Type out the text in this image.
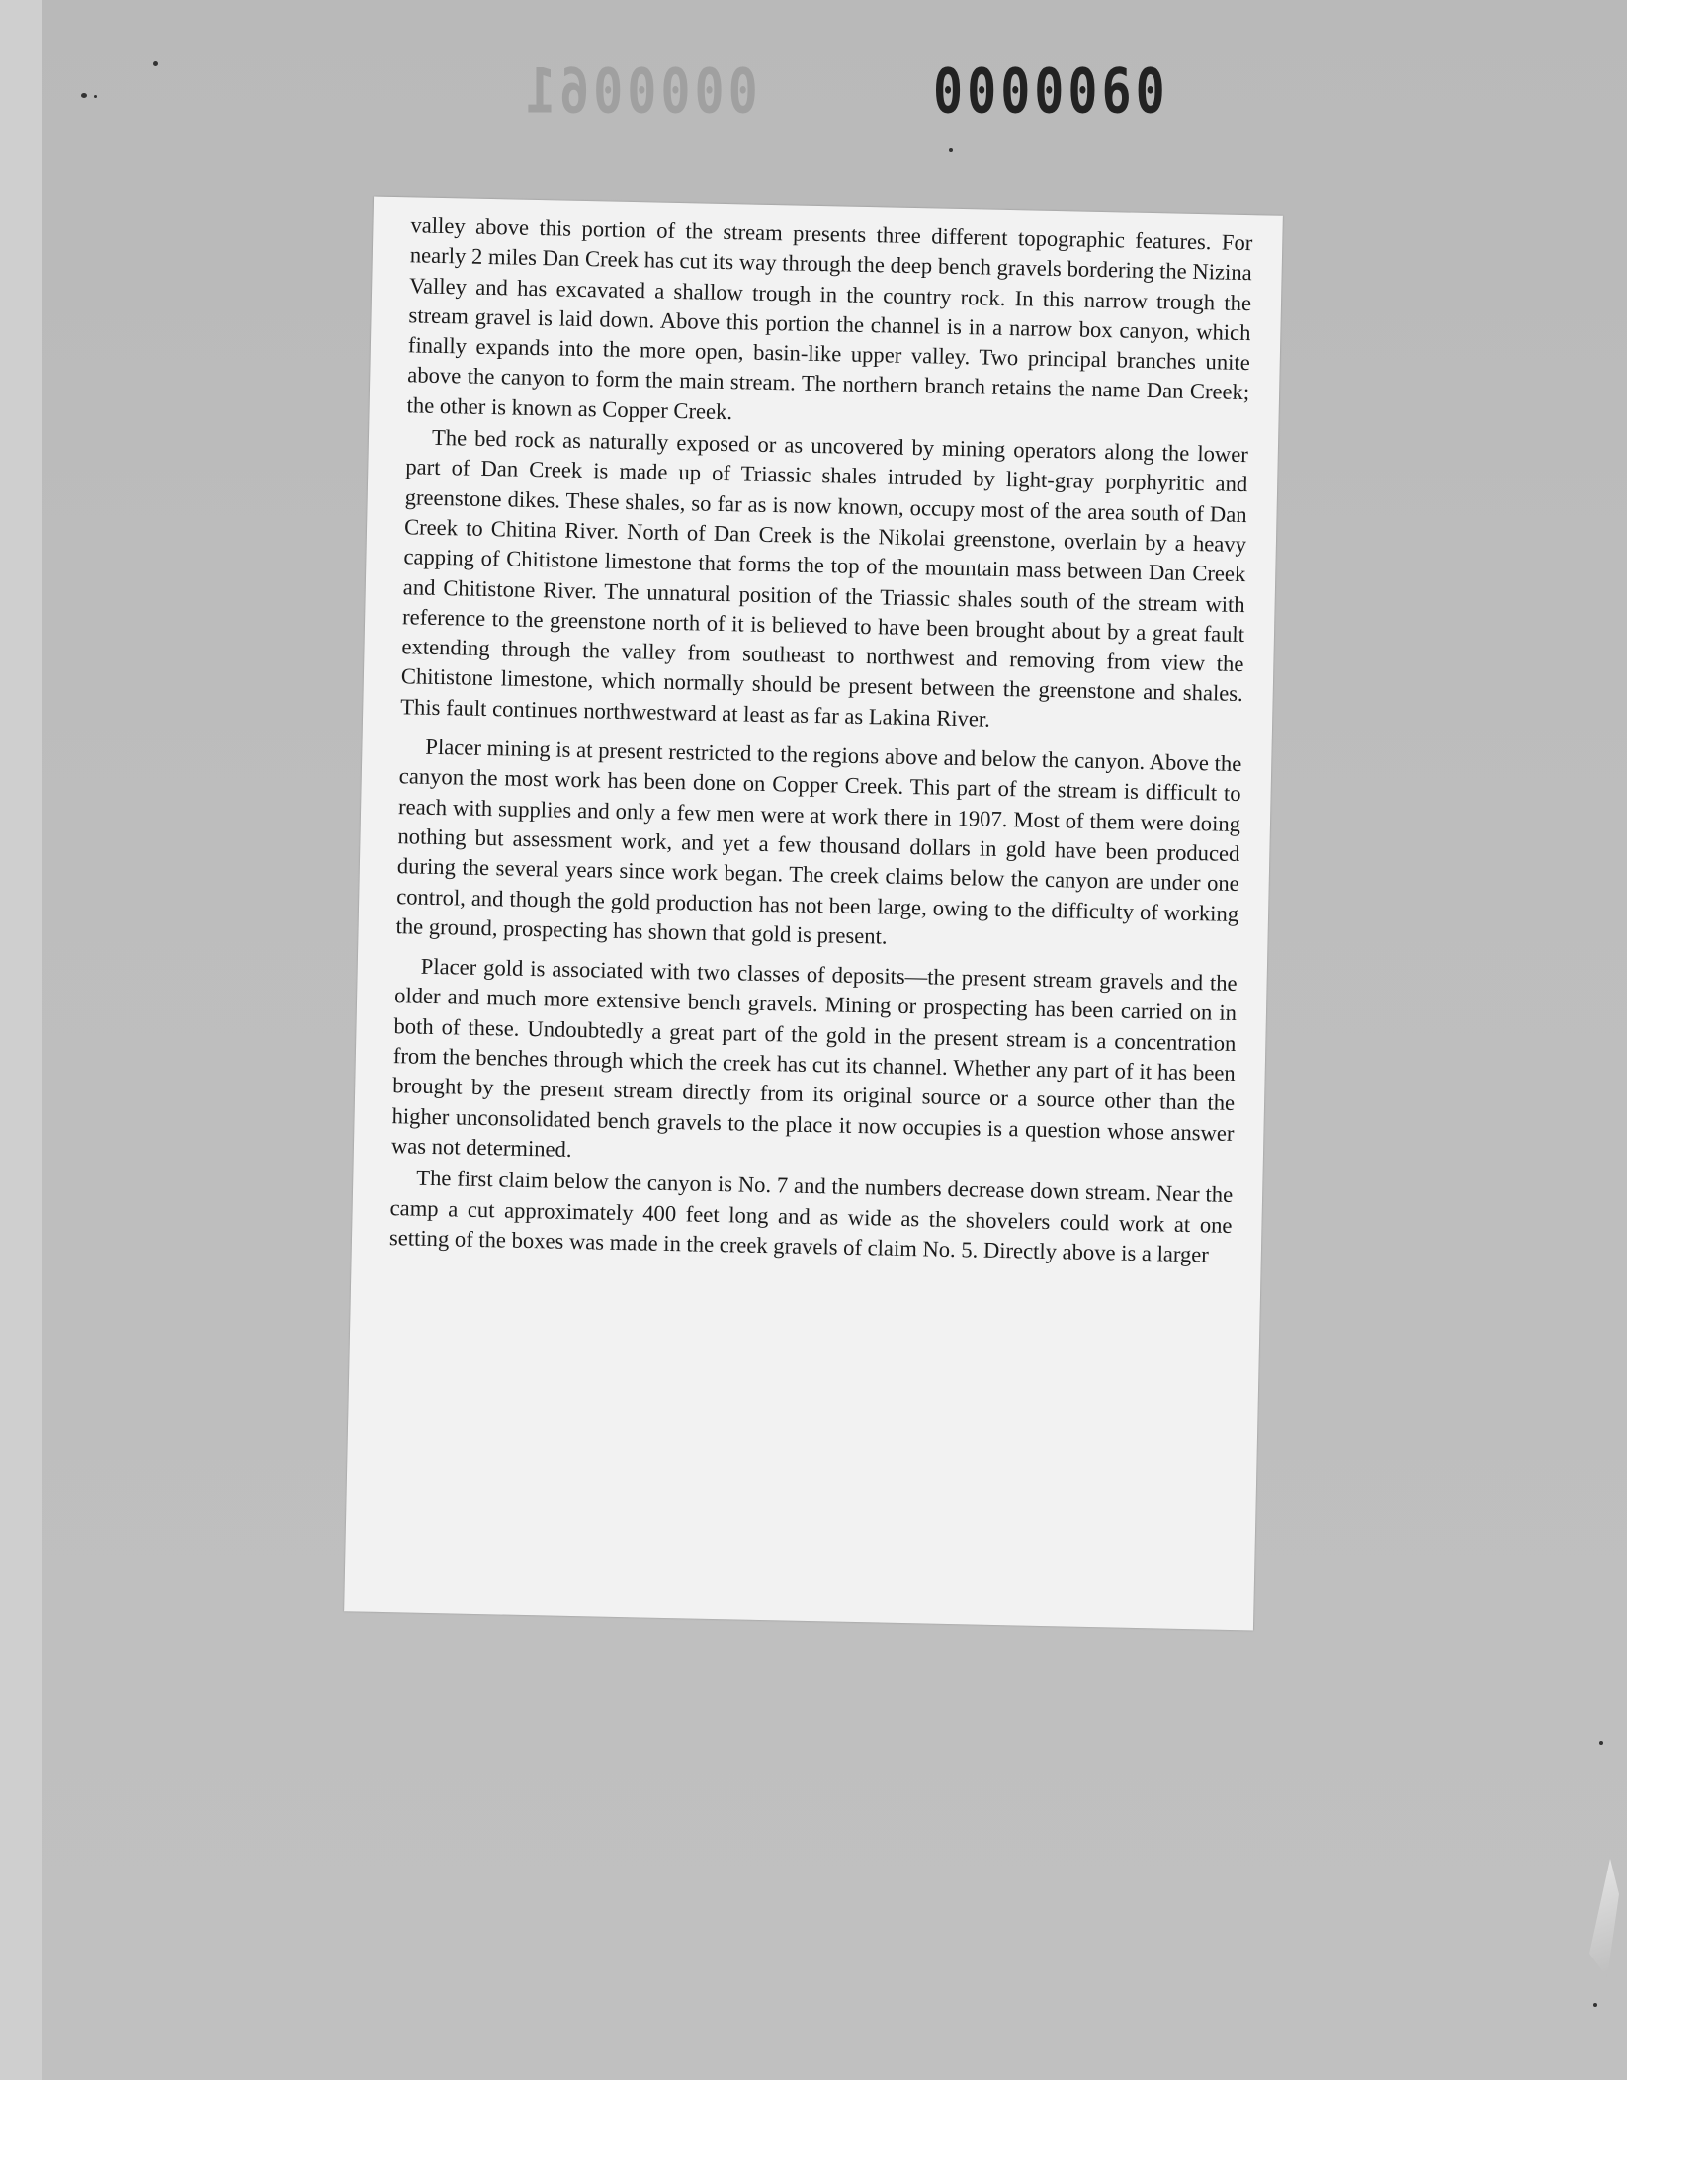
0000061	0000060

valley above this portion of the stream presents three different topographic features. For nearly 2 miles Dan Creek has cut its way through the deep bench gravels bordering the Nizina Valley and has excavated a shallow trough in the country rock. In this narrow trough the stream gravel is laid down. Above this portion the channel is in a narrow box canyon, which finally expands into the more open, basin-like upper valley. Two principal branches unite above the canyon to form the main stream. The northern branch retains the name Dan Creek; the other is known as Copper Creek.

The bed rock as naturally exposed or as uncovered by mining operators along the lower part of Dan Creek is made up of Triassic shales intruded by light-gray porphyritic and greenstone dikes. These shales, so far as is now known, occupy most of the area south of Dan Creek to Chitina River. North of Dan Creek is the Nikolai greenstone, overlain by a heavy capping of Chitistone limestone that forms the top of the mountain mass between Dan Creek and Chitistone River. The unnatural position of the Triassic shales south of the stream with reference to the greenstone north of it is believed to have been brought about by a great fault extending through the valley from southeast to northwest and removing from view the Chitistone limestone, which normally should be present between the greenstone and shales. This fault continues northwestward at least as far as Lakina River.

Placer mining is at present restricted to the regions above and below the canyon. Above the canyon the most work has been done on Copper Creek. This part of the stream is difficult to reach with supplies and only a few men were at work there in 1907. Most of them were doing nothing but assessment work, and yet a few thousand dollars in gold have been produced during the several years since work began. The creek claims below the canyon are under one control, and though the gold production has not been large, owing to the difficulty of working the ground, prospecting has shown that gold is present.

Placer gold is associated with two classes of deposits—the present stream gravels and the older and much more extensive bench gravels. Mining or prospecting has been carried on in both of these. Undoubtedly a great part of the gold in the present stream is a concentration from the benches through which the creek has cut its channel. Whether any part of it has been brought by the present stream directly from its original source or a source other than the higher unconsolidated bench gravels to the place it now occupies is a question whose answer was not determined.

The first claim below the canyon is No. 7 and the numbers decrease down stream. Near the camp a cut approximately 400 feet long and as wide as the shovelers could work at one setting of the boxes was made in the creek gravels of claim No. 5. Directly above is a larger
